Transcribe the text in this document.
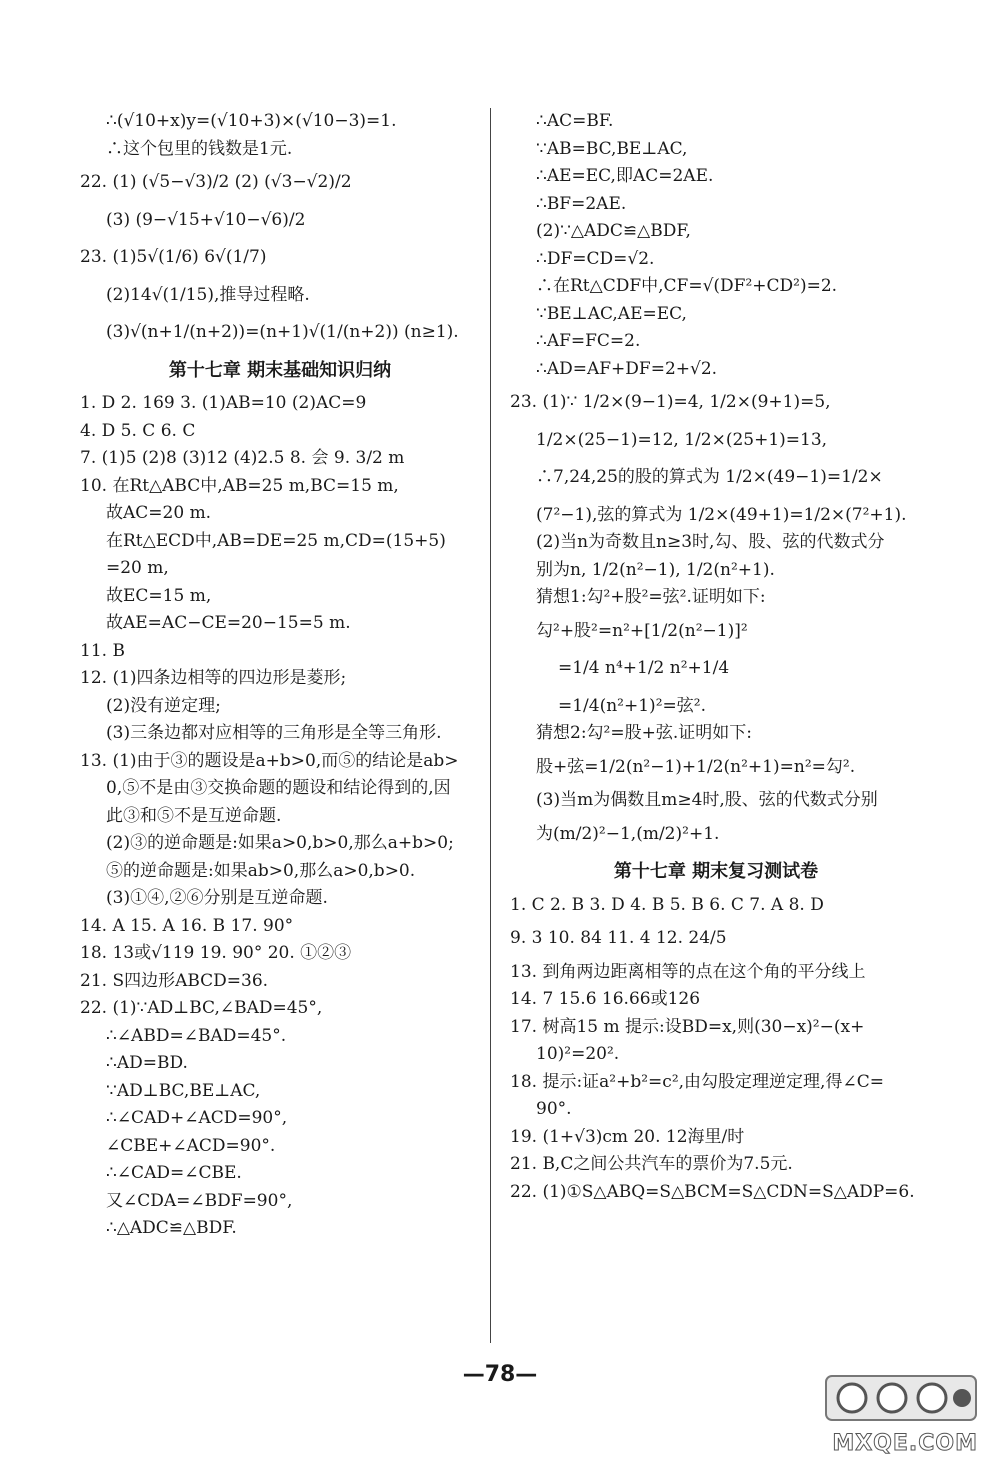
∴(√10+x)y=(√10+3)×(√10−3)=1.
∴这个包里的钱数是1元.
22. (1) (√5−√3)/2 (2) (√3−√2)/2
(3) (9−√15+√10−√6)/2
23. (1)5√(1/6) 6√(1/7)
(2)14√(1/15),推导过程略.
(3)√(n+1/(n+2))=(n+1)√(1/(n+2)) (n≥1).
第十七章 期末基础知识归纳
1. D 2. 169 3. (1)AB=10 (2)AC=9
4. D 5. C 6. C
7. (1)5 (2)8 (3)12 (4)2.5 8. 会 9. 3/2 m
10. 在Rt△ABC中,AB=25 m,BC=15 m,
故AC=20 m.
在Rt△ECD中,AB=DE=25 m,CD=(15+5)
=20 m,
故EC=15 m,
故AE=AC−CE=20−15=5 m.
11. B
12. (1)四条边相等的四边形是菱形;
(2)没有逆定理;
(3)三条边都对应相等的三角形是全等三角形.
13. (1)由于③的题设是a+b>0,而⑤的结论是ab>
0,⑤不是由③交换命题的题设和结论得到的,因
此③和⑤不是互逆命题.
(2)③的逆命题是:如果a>0,b>0,那么a+b>0;
⑤的逆命题是:如果ab>0,那么a>0,b>0.
(3)①④,②⑥分别是互逆命题.
14. A 15. A 16. B 17. 90°
18. 13或√119 19. 90° 20. ①②③
21. S四边形ABCD=36.
22. (1)∵AD⊥BC,∠BAD=45°,
∴∠ABD=∠BAD=45°.
∴AD=BD.
∵AD⊥BC,BE⊥AC,
∴∠CAD+∠ACD=90°,
∠CBE+∠ACD=90°.
∴∠CAD=∠CBE.
又∠CDA=∠BDF=90°,
∴△ADC≌△BDF.
∴AC=BF.
∵AB=BC,BE⊥AC,
∴AE=EC,即AC=2AE.
∴BF=2AE.
(2)∵△ADC≌△BDF,
∴DF=CD=√2.
∴在Rt△CDF中,CF=√(DF²+CD²)=2.
∵BE⊥AC,AE=EC,
∴AF=FC=2.
∴AD=AF+DF=2+√2.
23. (1)∵ 1/2×(9−1)=4, 1/2×(9+1)=5,
1/2×(25−1)=12, 1/2×(25+1)=13,
∴7,24,25的股的算式为 1/2×(49−1)=1/2×
(7²−1),弦的算式为 1/2×(49+1)=1/2×(7²+1).
(2)当n为奇数且n≥3时,勾、股、弦的代数式分
别为n, 1/2(n²−1), 1/2(n²+1).
猜想1:勾²+股²=弦².证明如下:
勾²+股²=n²+[1/2(n²−1)]²
=1/4 n⁴+1/2 n²+1/4
=1/4(n²+1)²=弦².
猜想2:勾²=股+弦.证明如下:
股+弦=1/2(n²−1)+1/2(n²+1)=n²=勾².
(3)当m为偶数且m≥4时,股、弦的代数式分别
为(m/2)²−1,(m/2)²+1.
第十七章 期末复习测试卷
1. C 2. B 3. D 4. B 5. B 6. C 7. A 8. D
9. 3 10. 84 11. 4 12. 24/5
13. 到角两边距离相等的点在这个角的平分线上
14. 7 15.6 16.66或126
17. 树高15 m 提示:设BD=x,则(30−x)²−(x+
10)²=20².
18. 提示:证a²+b²=c²,由勾股定理逆定理,得∠C=
90°.
19. (1+√3)cm 20. 12海里/时
21. B,C之间公共汽车的票价为7.5元.
22. (1)①S△ABQ=S△BCM=S△CDN=S△ADP=6.
—78—
MXQE.COM
